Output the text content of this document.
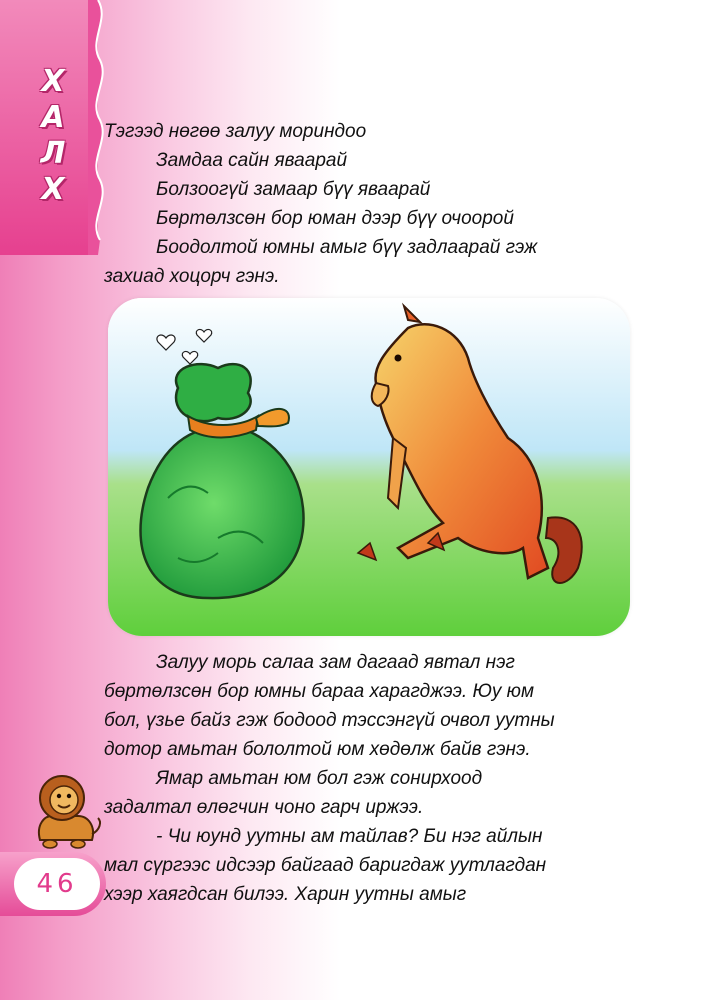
Х
А
Л
Х

Тэгээд нөгөө залуу мориндоо

Замдаа сайн яваарай

Болзоогүй замаар бүү яваарай

Бөртөлзсөн бор юман дээр бүү очоорой

Боодолтой юмны амыг бүү задлаарай гэж

захиад хоцорч гэнэ.

Залуу морь салаа зам дагаад явтал нэг

бөртөлзсөн бор юмны бараа харагджээ. Юу юм

бол, үзье байз гэж бодоод тэссэнгүй очвол уутны

дотор амьтан бололтой юм хөдөлж байв гэнэ.

Ямар амьтан юм бол гэж сонирхоод

задалтал өлөгчин чоно гарч иржээ.

- Чи юунд уутны ам тайлав? Би нэг айлын

мал сүргээс идсээр байгаад баригдаж уутлагдан

хээр хаягдсан билээ. Харин уутны амыг

46
